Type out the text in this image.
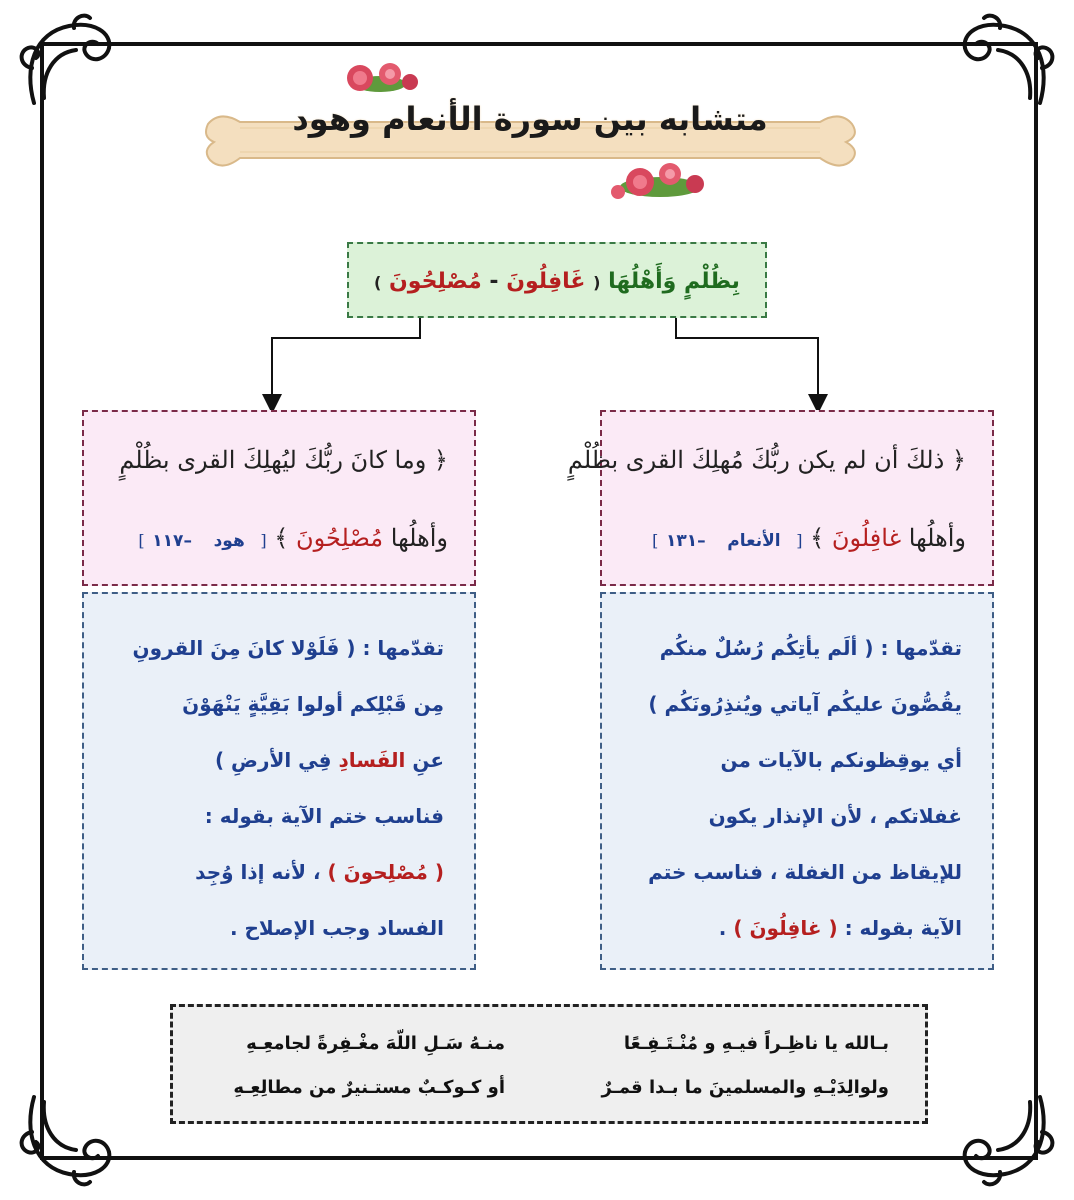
متشابه بين سورة الأنعام وهود
بِظُلْمٍ وَأَهْلُهَا ( غَافِلُونَ - مُصْلِحُونَ )
﴿ وما كانَ ربُّكَ ليُهلِكَ القرى بظُلْمٍ
وأهلُها مُصْلِحُونَ ﴾ [ هود –١١٧ ]
﴿ ذلكَ أن لم يكن ربُّكَ مُهلِكَ القرى بظُلْمٍ
وأهلُها غافِلُونَ ﴾ [ الأنعام –١٣١ ]
تقدّمها : ( فَلَوْلا كانَ مِنَ القرونِ
مِن قَبْلِكم أولوا بَقِيَّةٍ يَنْهَوْنَ
عنِ الفَسادِ فِي الأرضِ )
فناسب ختم الآية بقوله :
( مُصْلِحونَ ) ، لأنه إذا وُجِد
الفساد وجب الإصلاح .
تقدّمها : ( ألَم يأتِكُم رُسُلٌ منكُم
يقُصُّونَ عليكُم آياتي ويُنذِرُونَكُم )
أي يوقِظونكم بالآيات من
غفلاتكم ، لأن الإنذار يكون
للإيقاظ من الغفلة ، فناسب ختم
الآية بقوله : ( غافِلُونَ ) .
بـالله يا ناظِـراً فيـهِ و مُنْـتَـفِـعًا
منـهُ سَـلِ اللّهَ مغْـفِرةً لجامعِـهِ
ولوالِدَيْـهِ والمسلمينَ ما بـدا قمـرٌ
أو كـوكـبٌ مستـنيرٌ من مطالِعِـهِ
